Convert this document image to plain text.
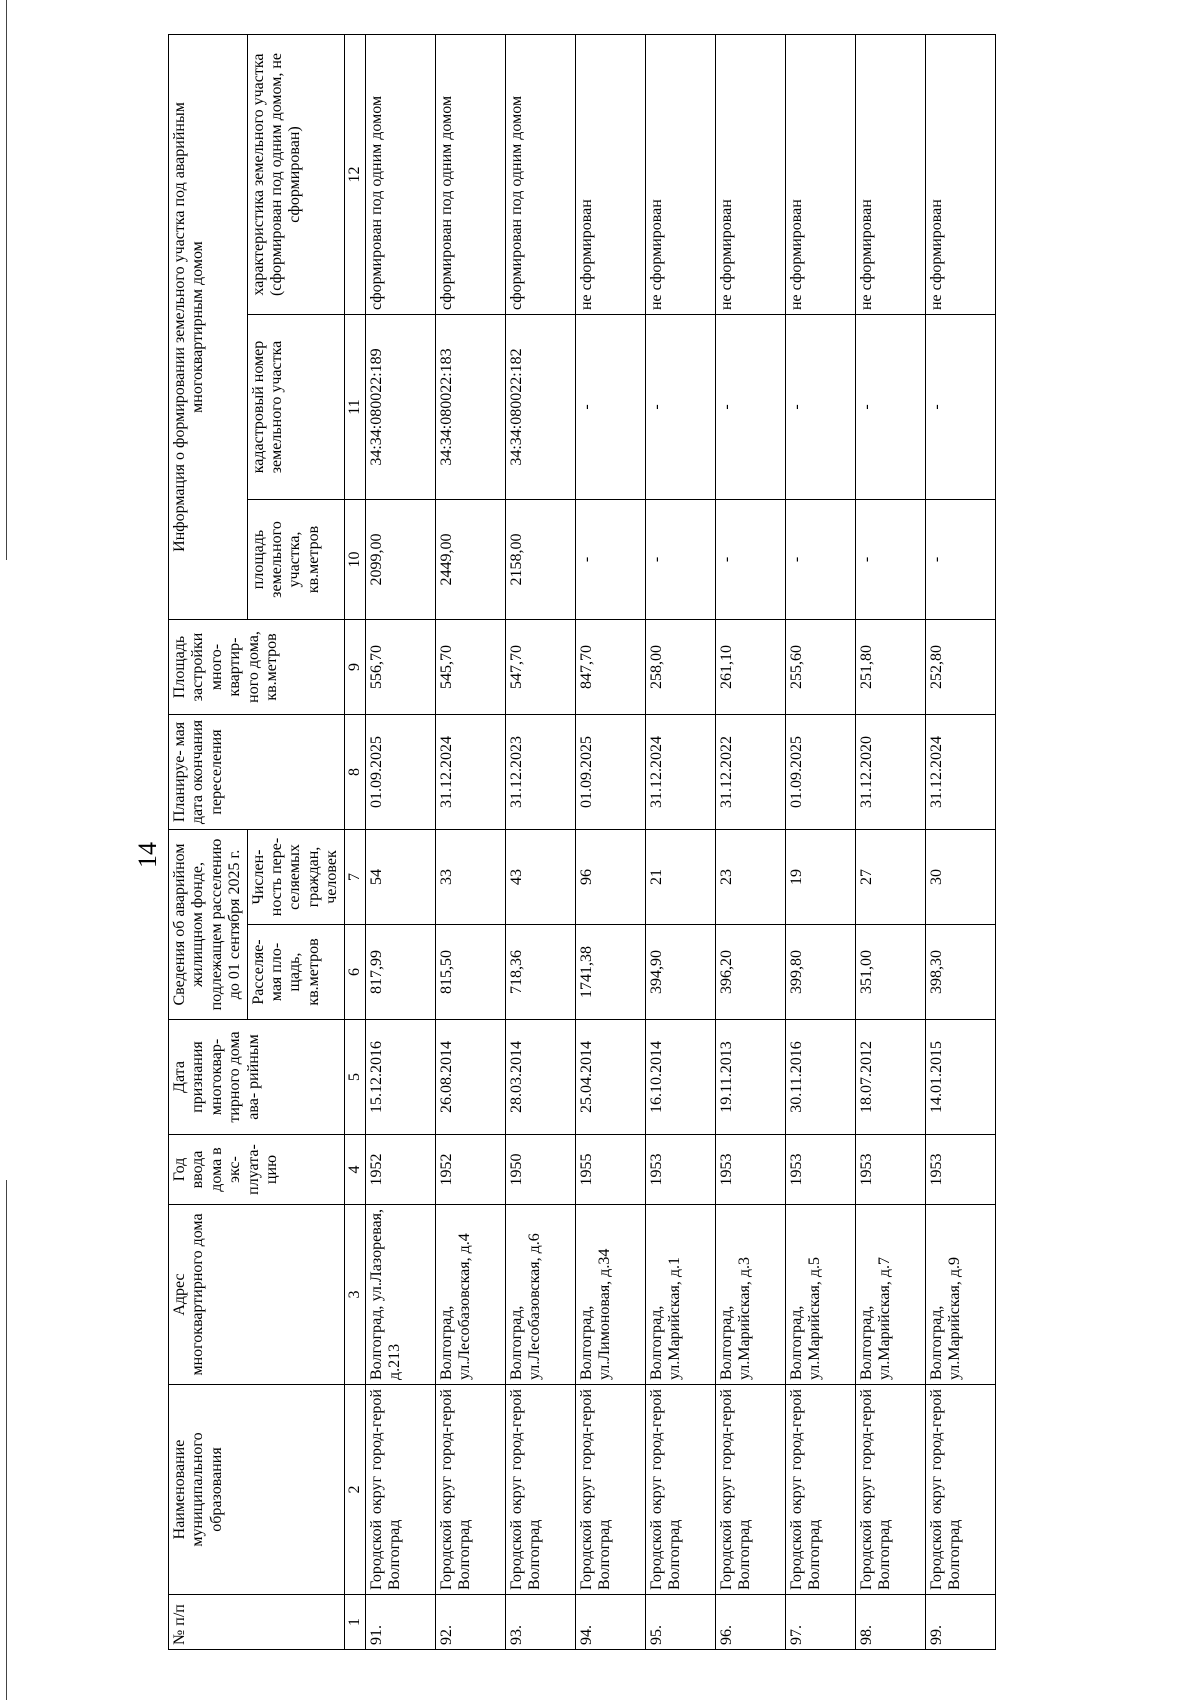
14
№ п/п	Наименование муниципального образования	Адрес многоквартирного дома	Год ввода дома в экс- плуата- цию	Дата признания многоквар- тирного дома ава- рийным	Сведения об аварийном жилищном фонде, подлежащем расселению до 01 сентября 2025 г.		Планируе- мая дата окончания переселения	Площадь застройки много- квартир- ного дома, кв.метров	Информация о формировании земельного участка под аварийным многоквартирным домом		
					Расселяе- мая пло- щадь, кв.метров	Числен- ность пере- селяемых граждан, человек			площадь земельного участка, кв.метров	кадастровый номер земельного участка	характеристика земельного участка (сформирован под одним домом, не сформирован)
1	2	3	4	5	6	7	8	9	10	11	12
91.	Городской округ город-герой Волгоград	Волгоград, ул.Лазоревая, д.213	1952	15.12.2016	817,99	54	01.09.2025	556,70	2099,00	34:34:080022:189	сформирован под одним домом
92.	Городской округ город-герой Волгоград	Волгоград, ул.Лесобазовская, д.4	1952	26.08.2014	815,50	33	31.12.2024	545,70	2449,00	34:34:080022:183	сформирован под одним домом
93.	Городской округ город-герой Волгоград	Волгоград, ул.Лесобазовская, д.6	1950	28.03.2014	718,36	43	31.12.2023	547,70	2158,00	34:34:080022:182	сформирован под одним домом
94.	Городской округ город-герой Волгоград	Волгоград, ул.Лимоновая, д.34	1955	25.04.2014	1741,38	96	01.09.2025	847,70	-	-	не сформирован
95.	Городской округ город-герой Волгоград	Волгоград, ул.Марийская, д.1	1953	16.10.2014	394,90	21	31.12.2024	258,00	-	-	не сформирован
96.	Городской округ город-герой Волгоград	Волгоград, ул.Марийская, д.3	1953	19.11.2013	396,20	23	31.12.2022	261,10	-	-	не сформирован
97.	Городской округ город-герой Волгоград	Волгоград, ул.Марийская, д.5	1953	30.11.2016	399,80	19	01.09.2025	255,60	-	-	не сформирован
98.	Городской округ город-герой Волгоград	Волгоград, ул.Марийская, д.7	1953	18.07.2012	351,00	27	31.12.2020	251,80	-	-	не сформирован
99.	Городской округ город-герой Волгоград	Волгоград, ул.Марийская, д.9	1953	14.01.2015	398,30	30	31.12.2024	252,80	-	-	не сформирован
